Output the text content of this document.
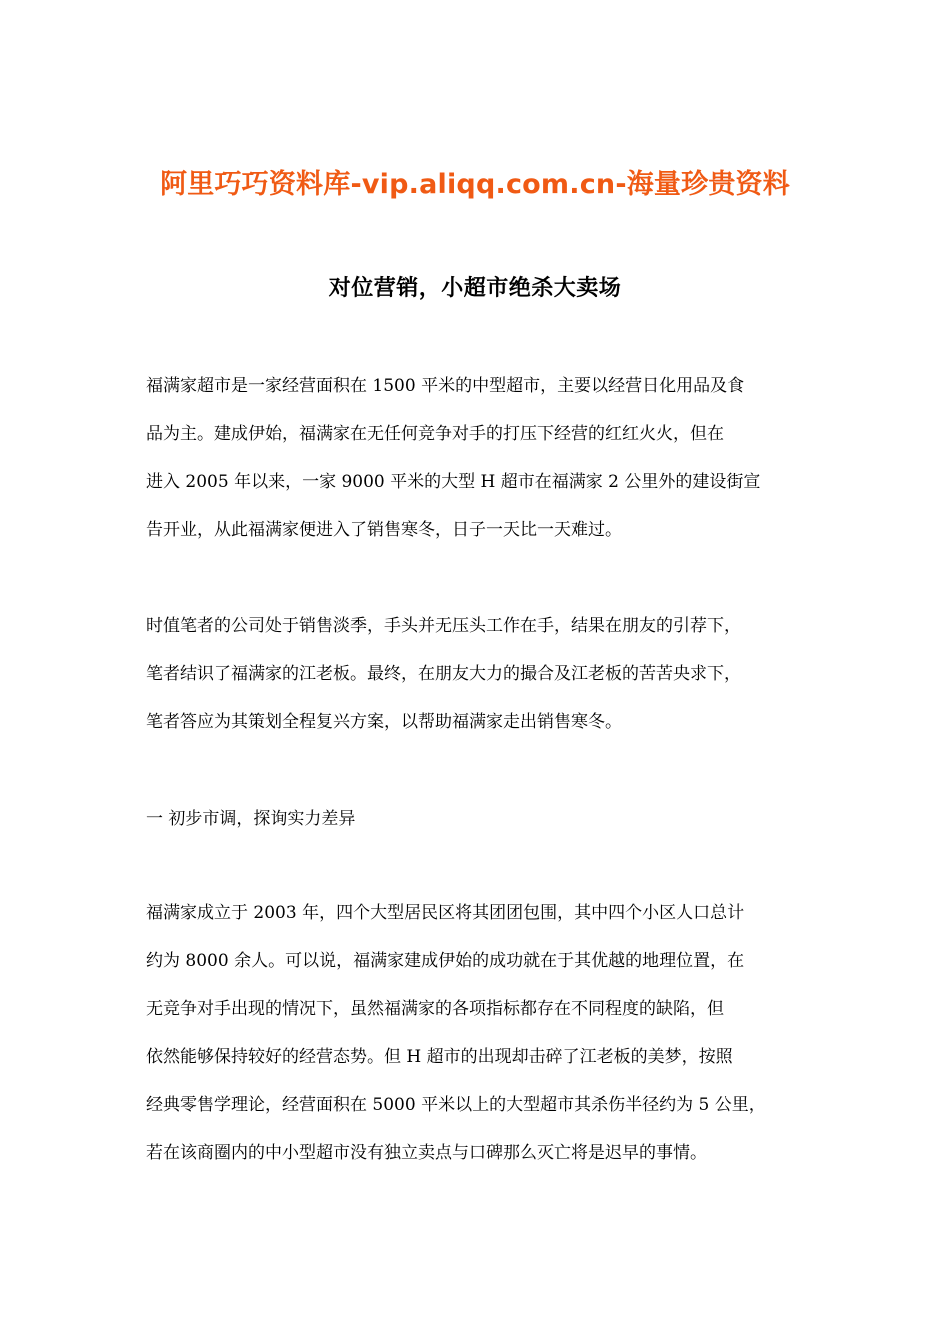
阿里巧巧资料库-vip.aliqq.com.cn-海量珍贵资料
对位营销，小超市绝杀大卖场

福满家超市是一家经营面积在 1500 平米的中型超市，主要以经营日化用品及食
品为主。建成伊始，福满家在无任何竞争对手的打压下经营的红红火火，但在
进入 2005 年以来，一家 9000 平米的大型 H 超市在福满家 2 公里外的建设街宣
告开业，从此福满家便进入了销售寒冬，日子一天比一天难过。

时值笔者的公司处于销售淡季，手头并无压头工作在手，结果在朋友的引荐下，
笔者结识了福满家的江老板。最终，在朋友大力的撮合及江老板的苦苦央求下，
笔者答应为其策划全程复兴方案，以帮助福满家走出销售寒冬。

一 初步市调，探询实力差异

福满家成立于 2003 年，四个大型居民区将其团团包围，其中四个小区人口总计
约为 8000 余人。可以说，福满家建成伊始的成功就在于其优越的地理位置，在
无竞争对手出现的情况下，虽然福满家的各项指标都存在不同程度的缺陷，但
依然能够保持较好的经营态势。但 H 超市的出现却击碎了江老板的美梦，按照
经典零售学理论，经营面积在 5000 平米以上的大型超市其杀伤半径约为 5 公里，
若在该商圈内的中小型超市没有独立卖点与口碑那么灭亡将是迟早的事情。
